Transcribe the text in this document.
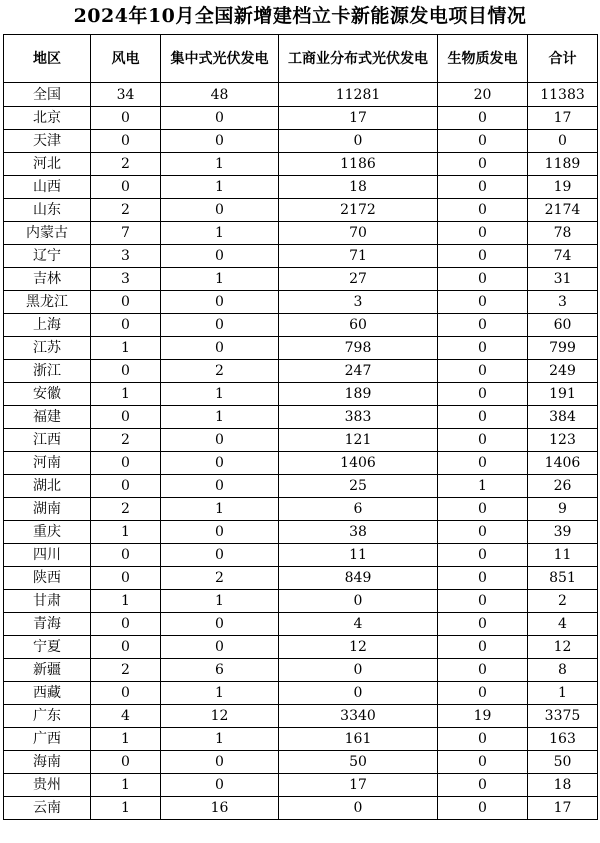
2024年10月全国新增建档立卡新能源发电项目情况
地区	风电	集中式光伏发电	工商业分布式光伏发电	生物质发电	合计
全国	34	48	11281	20	11383
北京	0	0	17	0	17
天津	0	0	0	0	0
河北	2	1	1186	0	1189
山西	0	1	18	0	19
山东	2	0	2172	0	2174
内蒙古	7	1	70	0	78
辽宁	3	0	71	0	74
吉林	3	1	27	0	31
黑龙江	0	0	3	0	3
上海	0	0	60	0	60
江苏	1	0	798	0	799
浙江	0	2	247	0	249
安徽	1	1	189	0	191
福建	0	1	383	0	384
江西	2	0	121	0	123
河南	0	0	1406	0	1406
湖北	0	0	25	1	26
湖南	2	1	6	0	9
重庆	1	0	38	0	39
四川	0	0	11	0	11
陕西	0	2	849	0	851
甘肃	1	1	0	0	2
青海	0	0	4	0	4
宁夏	0	0	12	0	12
新疆	2	6	0	0	8
西藏	0	1	0	0	1
广东	4	12	3340	19	3375
广西	1	1	161	0	163
海南	0	0	50	0	50
贵州	1	0	17	0	18
云南	1	16	0	0	17
